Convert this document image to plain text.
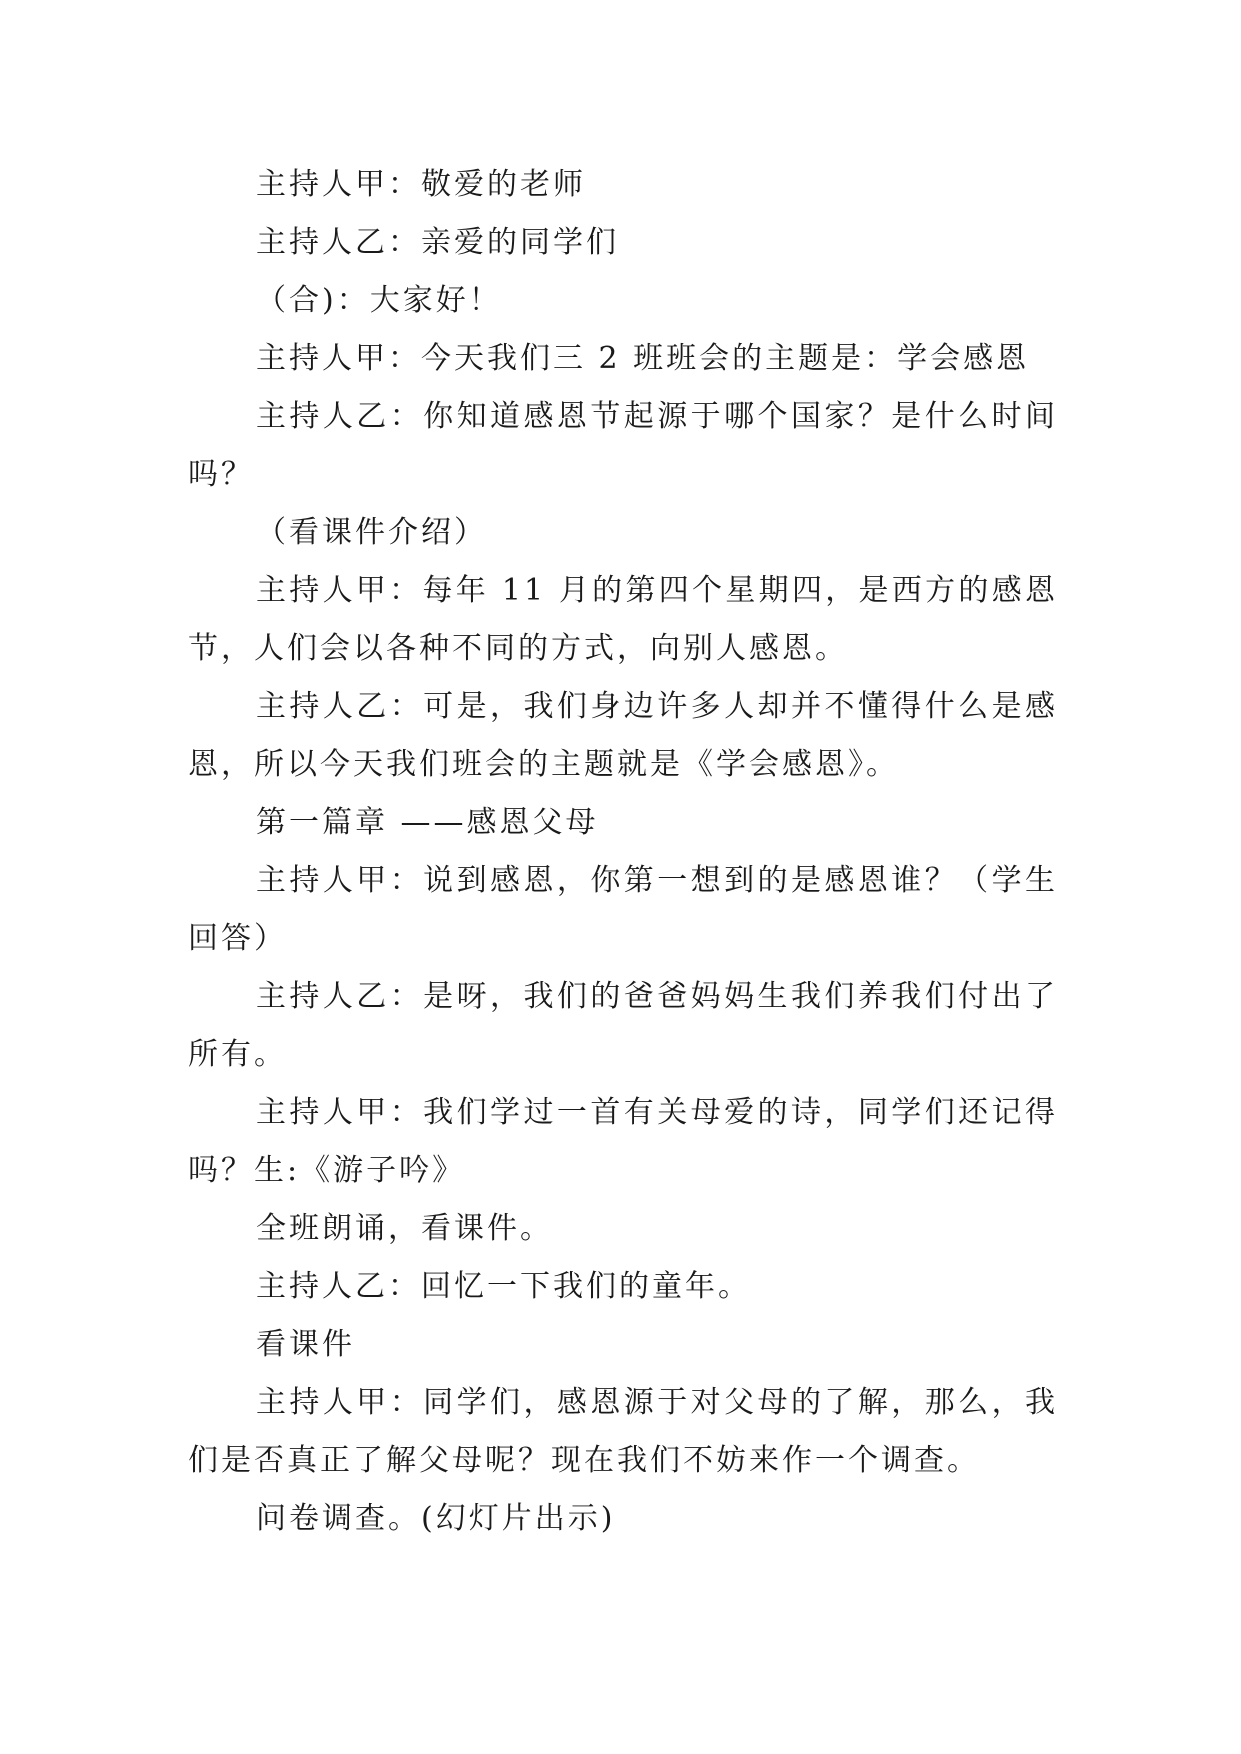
主持人甲：敬爱的老师

主持人乙：亲爱的同学们

（合)：大家好！

主持人甲：今天我们三 2 班班会的主题是：学会感恩

主持人乙：你知道感恩节起源于哪个国家？是什么时间吗？

（看课件介绍）

主持人甲：每年 11 月的第四个星期四，是西方的感恩节，人们会以各种不同的方式，向别人感恩。

主持人乙：可是，我们身边许多人却并不懂得什么是感恩，所以今天我们班会的主题就是《学会感恩》。

第一篇章 ——感恩父母

主持人甲：说到感恩，你第一想到的是感恩谁？（学生回答）

主持人乙：是呀，我们的爸爸妈妈生我们养我们付出了所有。

主持人甲：我们学过一首有关母爱的诗，同学们还记得吗？生:《游子吟》

全班朗诵，看课件。

主持人乙：回忆一下我们的童年。

看课件

主持人甲：同学们，感恩源于对父母的了解，那么，我们是否真正了解父母呢？现在我们不妨来作一个调查。

问卷调查。(幻灯片出示)
